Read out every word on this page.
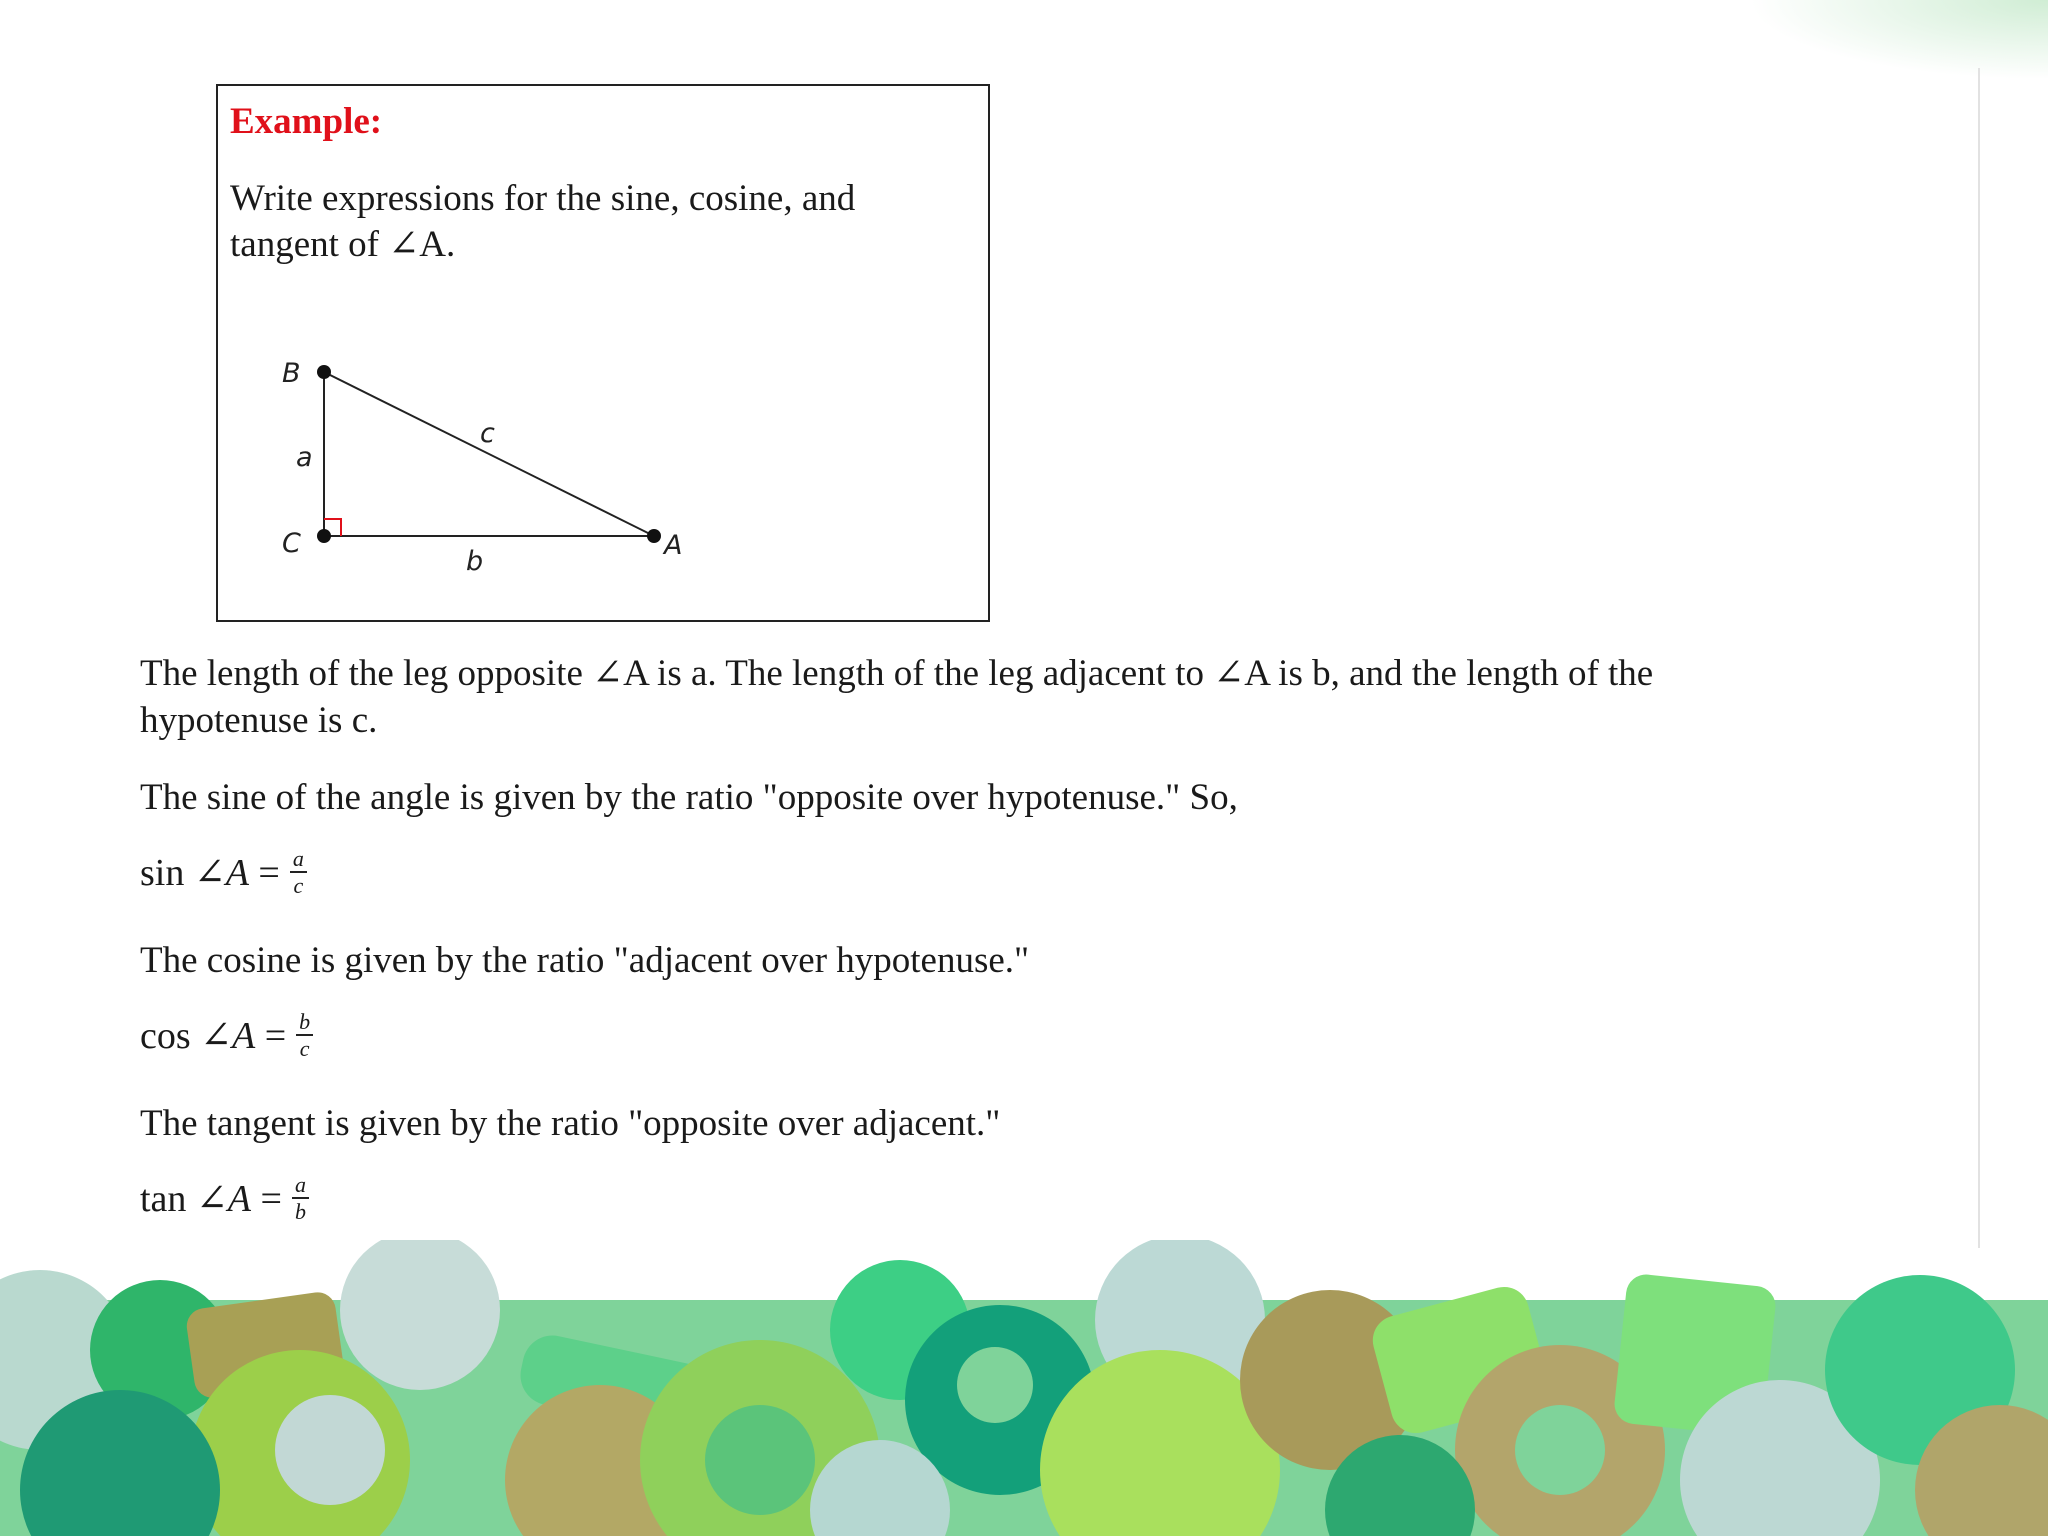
Example:

Write expressions for the sine, cosine, and
tangent of ∠A.

B
C	A
a
b
c

The length of the leg opposite ∠A is a. The length of the leg adjacent to ∠A is b, and the length of the

hypotenuse is c.

The sine of the angle is given by the ratio "opposite over hypotenuse." So,

sin
∠A
= $\frac{a}{c}$

The cosine is given by the ratio "adjacent over hypotenuse."

cos
∠A
= $\frac{b}{c}$

The tangent is given by the ratio "opposite over adjacent."

tan
∠A
= $\frac{a}{b}$
